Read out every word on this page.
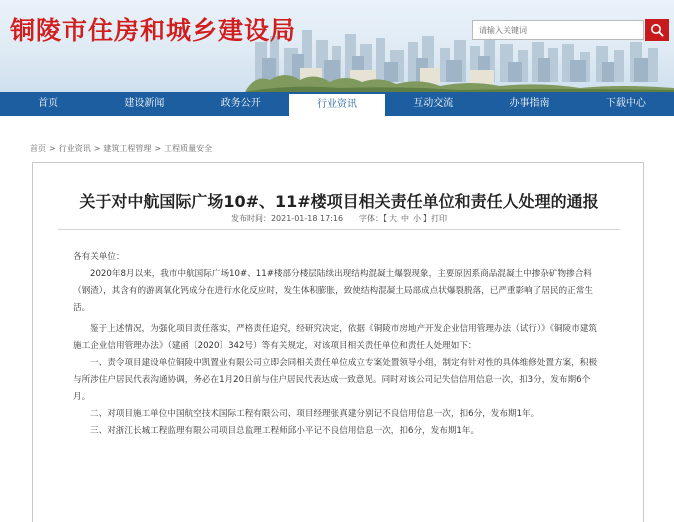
铜陵市住房和城乡建设局	请输入关键词
首页	建设新闻	政务公开	行业资讯	互动交流	办事指南	下载中心
首页 > 行业资讯 > 建筑工程管理 > 工程质量安全
关于对中航国际广场10#、11#楼项目相关责任单位和责任人处理的通报
发布时间：2021-01-18 17:16　　字体：【 大 中 小 】打印

各有关单位：

2020年8月以来，我市中航国际广场10#、11#楼部分楼层陆续出现结构混凝土爆裂现象，主要原因系商品混凝土中掺杂矿物掺合料（钢渣），其含有的游离氧化钙成分在进行水化反应时，发生体积膨胀，致使结构混凝土局部成点状爆裂脱落，已严重影响了居民的正常生活。

鉴于上述情况，为强化项目责任落实，严格责任追究，经研究决定，依据《铜陵市房地产开发企业信用管理办法（试行）》《铜陵市建筑施工企业信用管理办法》（建函〔2020〕342号）等有关规定，对该项目相关责任单位和责任人处理如下：

一、责令项目建设单位铜陵中凯置业有限公司立即会同相关责任单位成立专案处置领导小组，制定有针对性的具体维修处置方案，积极与所涉住户居民代表沟通协调，务必在1月20日前与住户居民代表达成一致意见。同时对该公司记失信信用信息一次，扣3分，发布期6个月。

二、对项目施工单位中国航空技术国际工程有限公司、项目经理张真建分别记不良信用信息一次，扣6分，发布期1年。

三、对浙江长城工程监理有限公司项目总监理工程师邱小平记不良信用信息一次，扣6分，发布期1年。
